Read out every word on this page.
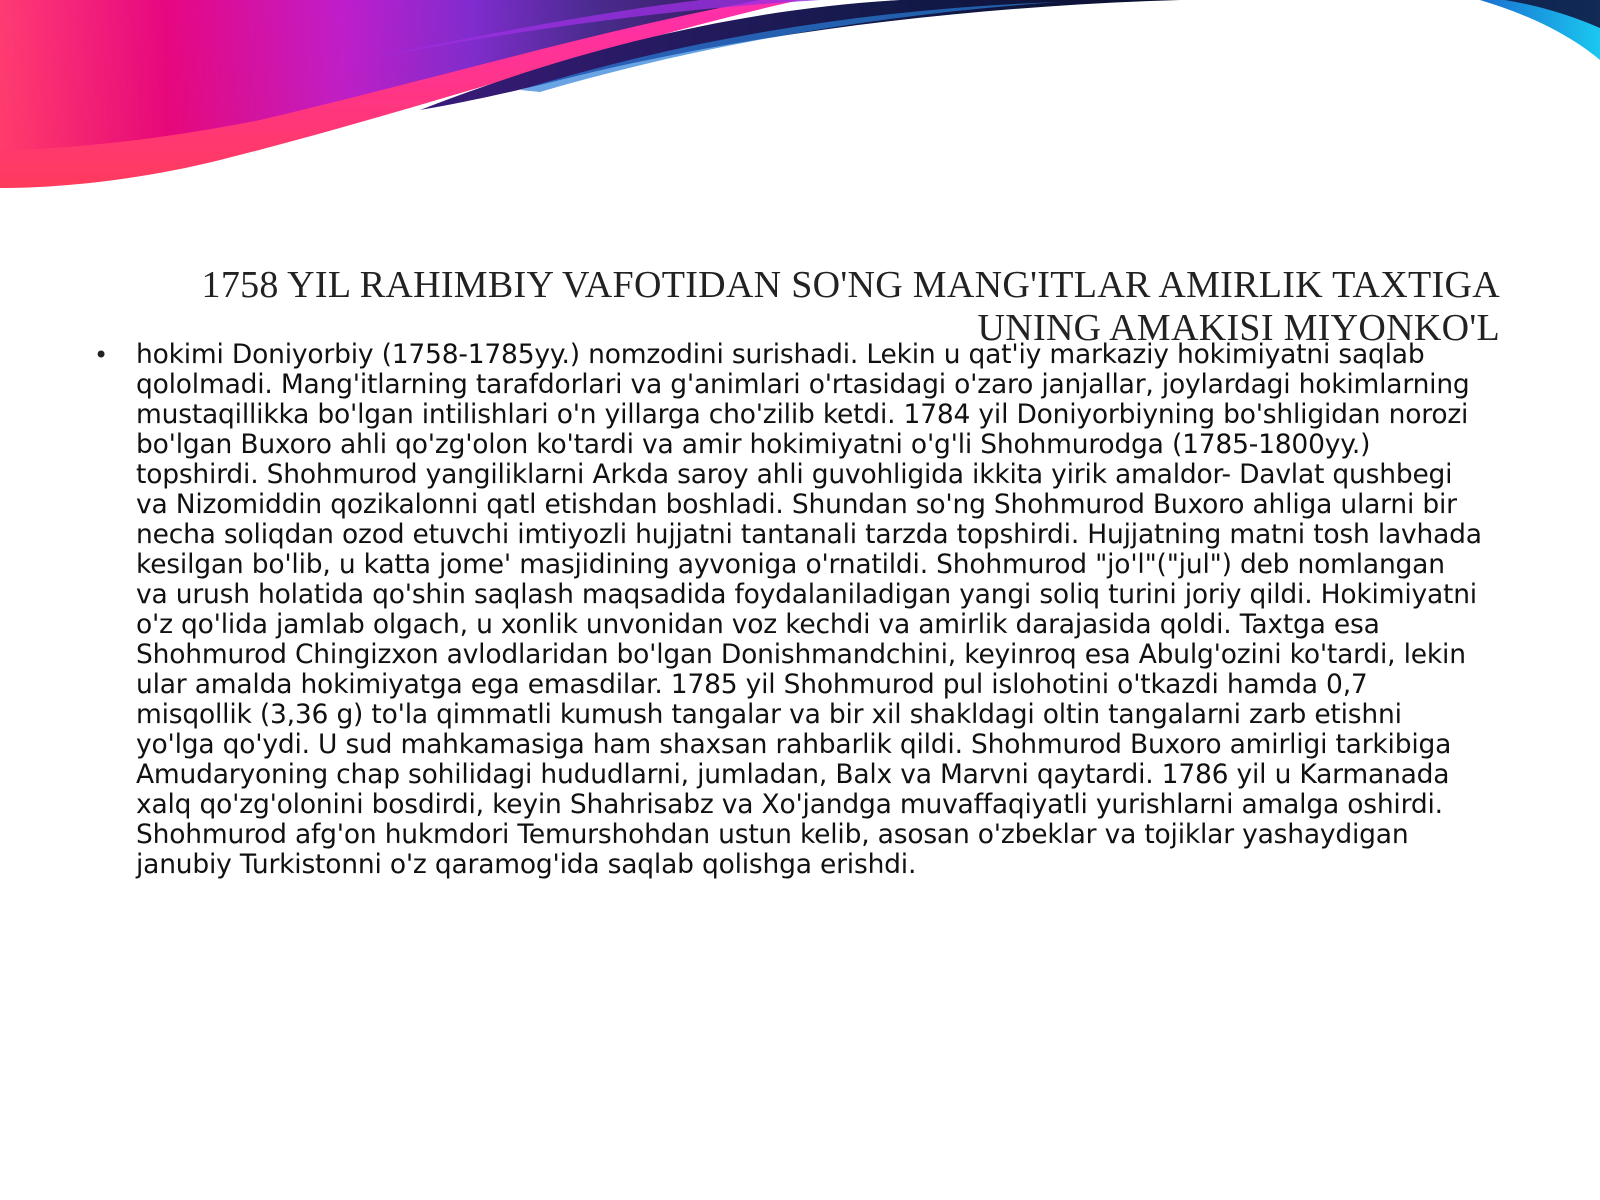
1758 YIL RAHIMBIY VAFOTIDAN SO'NG MANG'ITLAR AMIRLIK TAXTIGA UNING AMAKISI MIYONKO'L
• hokimi Doniyorbiy (1758-1785yy.) nomzodini surishadi. Lekin u qat'iy markaziy hokimiyatni saqlab qololmadi. Mang'itlarning tarafdorlari va g'animlari o'rtasidagi o'zaro janjallar, joylardagi hokimlarning mustaqillikka bo'lgan intilishlari o'n yillarga cho'zilib ketdi. 1784 yil Doniyorbiyning bo'shligidan norozi bo'lgan Buxoro ahli qo'zg'olon ko'tardi va amir hokimiyatni o'g'li Shohmurodga (1785-1800yy.) topshirdi. Shohmurod yangiliklarni Arkda saroy ahli guvohligida ikkita yirik amaldor- Davlat qushbegi va Nizomiddin qozikalonni qatl etishdan boshladi. Shundan so'ng Shohmurod Buxoro ahliga ularni bir necha soliqdan ozod etuvchi imtiyozli hujjatni tantanali tarzda topshirdi. Hujjatning matni tosh lavhada kesilgan bo'lib, u katta jome' masjidining ayvoniga o'rnatildi. Shohmurod "jo'l"("jul") deb nomlangan va urush holatida qo'shin saqlash maqsadida foydalaniladigan yangi soliq turini joriy qildi. Hokimiyatni o'z qo'lida jamlab olgach, u xonlik unvonidan voz kechdi va amirlik darajasida qoldi. Taxtga esa Shohmurod Chingizxon avlodlaridan bo'lgan Donishmandchini, keyinroq esa Abulg'ozini ko'tardi, lekin ular amalda hokimiyatga ega emasdilar. 1785 yil Shohmurod pul islohotini o'tkazdi hamda 0,7 misqollik (3,36 g) to'la qimmatli kumush tangalar va bir xil shakldagi oltin tangalarni zarb etishni yo'lga qo'ydi. U sud mahkamasiga ham shaxsan rahbarlik qildi. Shohmurod Buxoro amirligi tarkibiga Amudaryoning chap sohilidagi hududlarni, jumladan, Balx va Marvni qaytardi. 1786 yil u Karmanada xalq qo'zg'olonini bosdirdi, keyin Shahrisabz va Xo'jandga muvaffaqiyatli yurishlarni amalga oshirdi. Shohmurod afg'on hukmdori Temurshohdan ustun kelib, asosan o'zbeklar va tojiklar yashaydigan janubiy Turkistonni o'z qaramog'ida saqlab qolishga erishdi.
